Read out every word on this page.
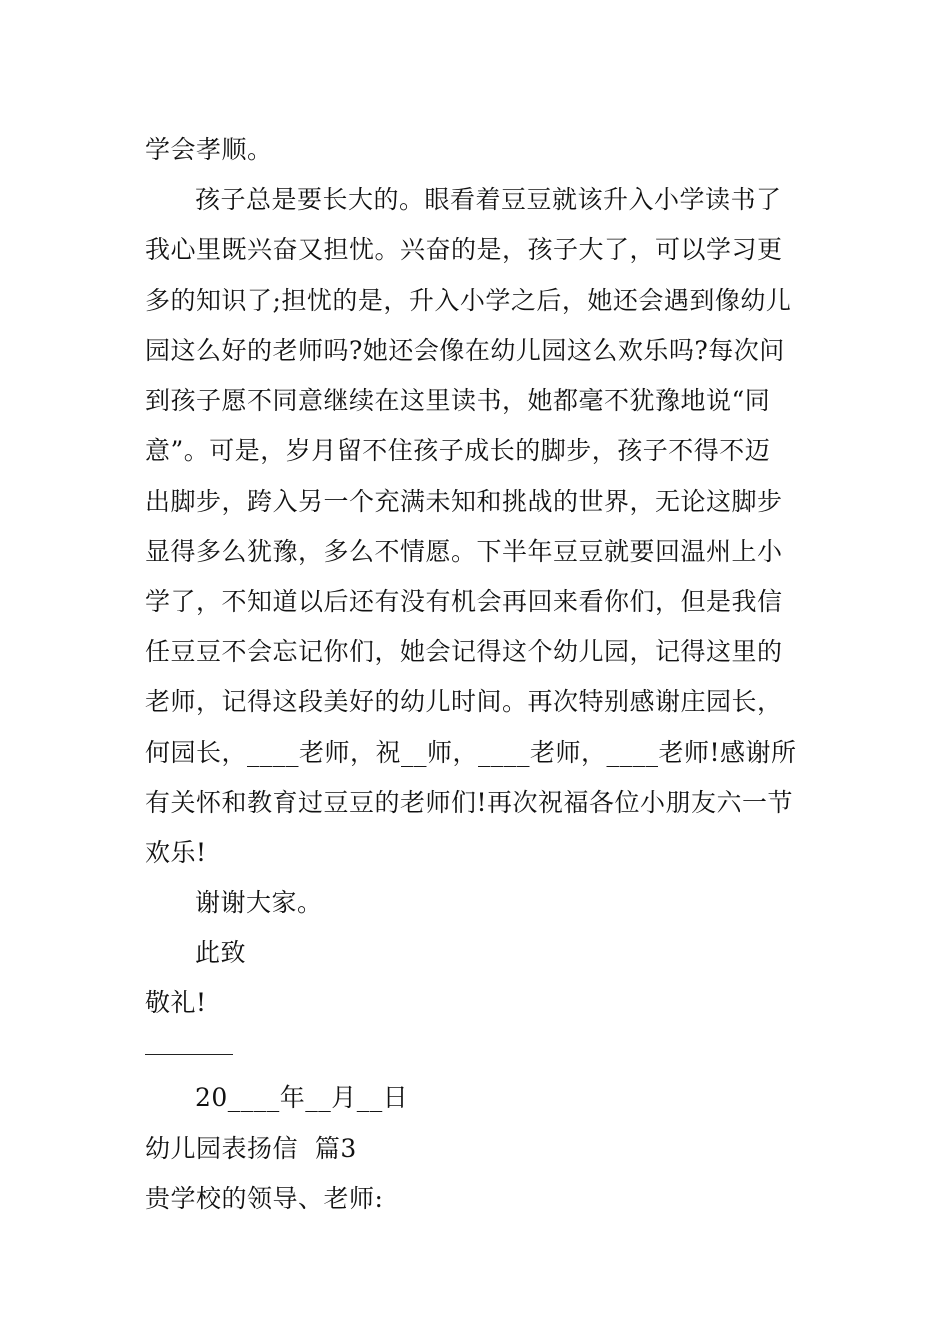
学会孝顺。
孩子总是要长大的。眼看着豆豆就该升入小学读书了
我心里既兴奋又担忧。兴奋的是，孩子大了，可以学习更
多的知识了;担忧的是，升入小学之后，她还会遇到像幼儿
园这么好的老师吗?她还会像在幼儿园这么欢乐吗?每次问
到孩子愿不同意继续在这里读书，她都毫不犹豫地说“同
意”。可是，岁月留不住孩子成长的脚步，孩子不得不迈
出脚步，跨入另一个充满未知和挑战的世界，无论这脚步
显得多么犹豫，多么不情愿。下半年豆豆就要回温州上小
学了，不知道以后还有没有机会再回来看你们，但是我信
任豆豆不会忘记你们，她会记得这个幼儿园，记得这里的
老师，记得这段美好的幼儿时间。再次特别感谢庄园长，
何园长，____老师，祝__师，____老师，____老师!感谢所
有关怀和教育过豆豆的老师们!再次祝福各位小朋友六一节
欢乐!
谢谢大家。
此致
敬礼!
20____年__月__日
幼儿园表扬信  篇3
贵学校的领导、老师:
